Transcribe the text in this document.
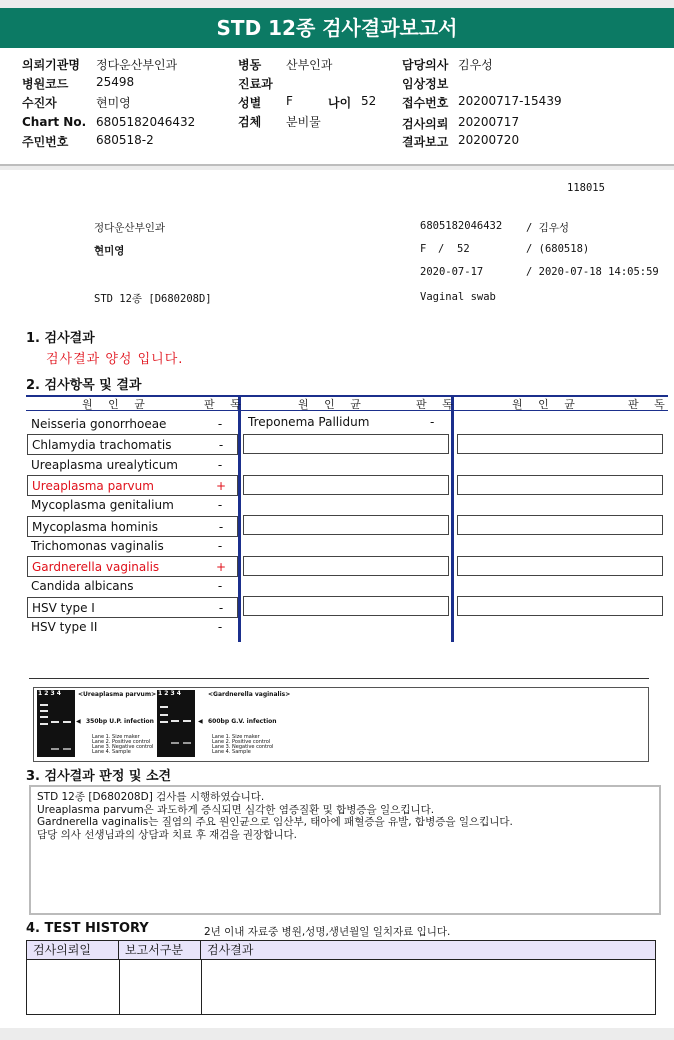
STD 12종 검사결과보고서
의뢰기관명 정다운산부인과
병원코드 25498
수진자	현미영
Chart No. 6805182046432
주민번호 680518-2
병동 산부인과
진료과
성별 F	나이 52
검체 분비물
담당의사 김우성
임상정보
접수번호 20200717-15439
검사의뢰 20200717
결과보고 20200720
118015
정다운산부인과
현미영
STD 12종 [D680208D]
6805182046432 / 김우성
F / 52	/ (680518)
2020-07-17	/ 2020-07-18 14:05:59
Vaginal swab
1. 검사결과
검사결과 양성 입니다.
2. 검사항목 및 결과
원 인 균	판 독	원 인 균	판 독	원 인 균	판 독
Neisseria gonorrhoeae	-
Chlamydia trachomatis	-
Ureaplasma urealyticum	-
Ureaplasma parvum	+
Mycoplasma genitalium	-
Mycoplasma hominis	-
Trichomonas vaginalis	-
Gardnerella vaginalis	+
Candida albicans	-
HSV type I	-
HSV type II	-
Treponema Pallidum	-
1 2 3 4	<Ureaplasma parvum>
◀ 350bp U.P. infection
Lane 1. Size maker
Lane 2. Positive control
Lane 3. Negative control
Lane 4. Sample
1 2 3 4	<Gardnerella vaginalis>
◀ 600bp G.V. infection
Lane 1. Size maker
Lane 2. Positive control
Lane 3. Negative control
Lane 4. Sample
3. 검사결과 판정 및 소견
STD 12종 [D680208D] 검사를 시행하였습니다.
Ureaplasma parvum은 과도하게 증식되면 심각한 염증질환 및 합병증을 일으킵니다.
Gardnerella vaginalis는 질염의 주요 원인균으로 임산부, 태아에 패혈증을 유발, 합병증을 일으킵니다.
담당 의사 선생님과의 상담과 치료 후 재검을 권장합니다.
4. TEST HISTORY	2년 이내 자료중 병원,성명,생년월일 일치자료 입니다.
검사의뢰일	보고서구분	검사결과
